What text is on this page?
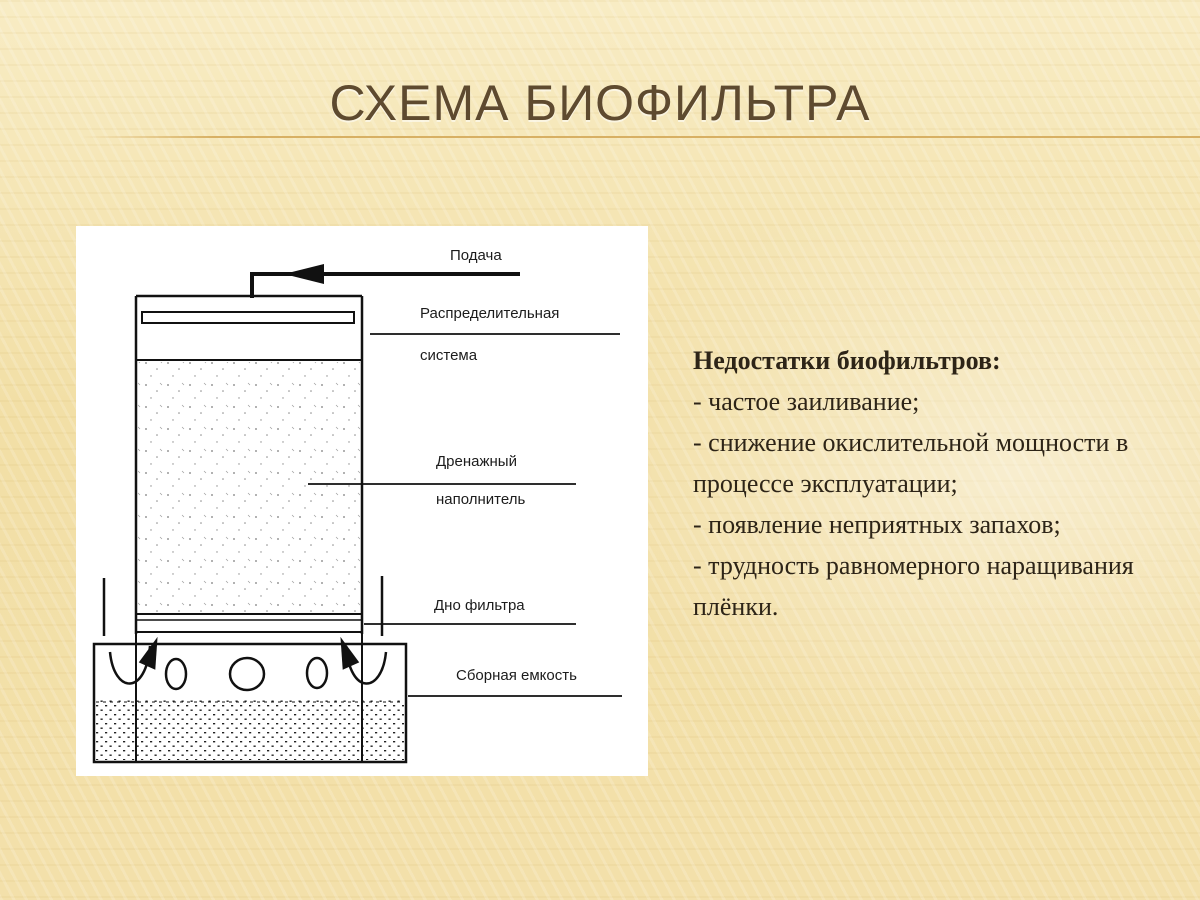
СХЕМА БИОФИЛЬТРА
Подача
Распределительная
система
Дренажный
наполнитель
Дно фильтра
Сборная емкость
Недостатки биофильтров:
- частое заиливание;
- снижение окислительной мощности в процессе эксплуатации;
- появление неприятных запахов;
- трудность равномерного наращивания плёнки.
